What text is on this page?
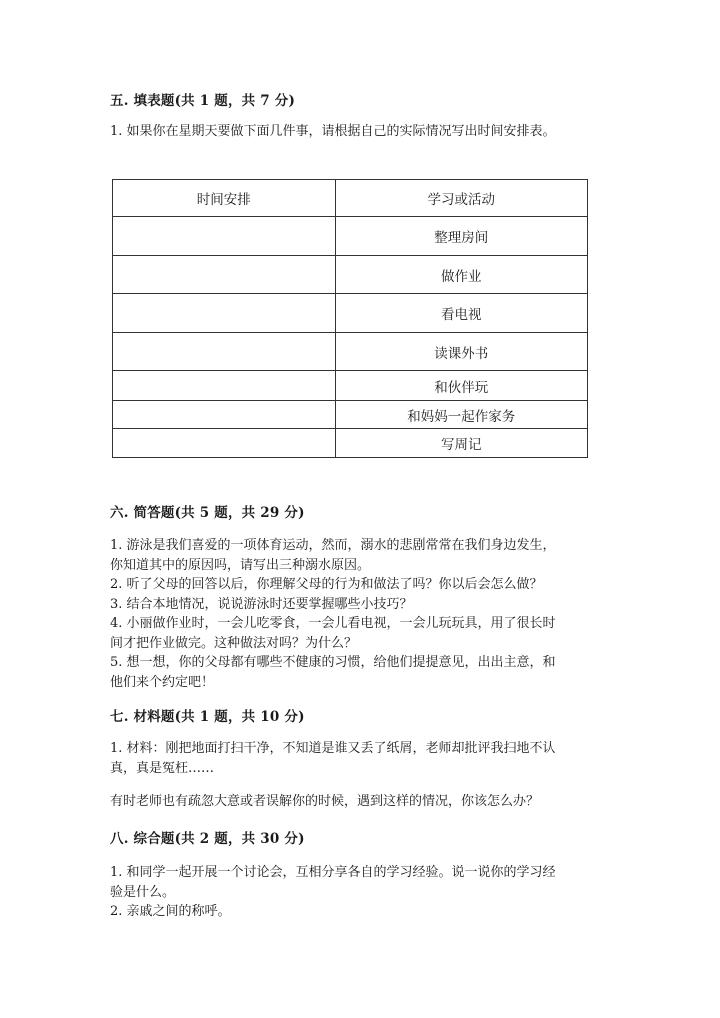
五. 填表题(共 1 题，共 7 分)
1. 如果你在星期天要做下面几件事，请根据自己的实际情况写出时间安排表。
时间安排	学习或活动
	整理房间
	做作业
	看电视
	读课外书
	和伙伴玩
	和妈妈一起作家务
	写周记
六. 简答题(共 5 题，共 29 分)
1. 游泳是我们喜爱的一项体育运动，然而，溺水的悲剧常常在我们身边发生，
你知道其中的原因吗，请写出三种溺水原因。
2. 听了父母的回答以后，你理解父母的行为和做法了吗？你以后会怎么做？
3. 结合本地情况，说说游泳时还要掌握哪些小技巧？
4. 小丽做作业时，一会儿吃零食，一会儿看电视，一会儿玩玩具，用了很长时
间才把作业做完。这种做法对吗？为什么？
5. 想一想，你的父母都有哪些不健康的习惯，给他们提提意见，出出主意，和
他们来个约定吧！
七. 材料题(共 1 题，共 10 分)
1. 材料：刚把地面打扫干净，不知道是谁又丢了纸屑，老师却批评我扫地不认
真，真是冤枉……
有时老师也有疏忽大意或者误解你的时候，遇到这样的情况，你该怎么办？
八. 综合题(共 2 题，共 30 分)
1. 和同学一起开展一个讨论会，互相分享各自的学习经验。说一说你的学习经
验是什么。
2. 亲戚之间的称呼。
